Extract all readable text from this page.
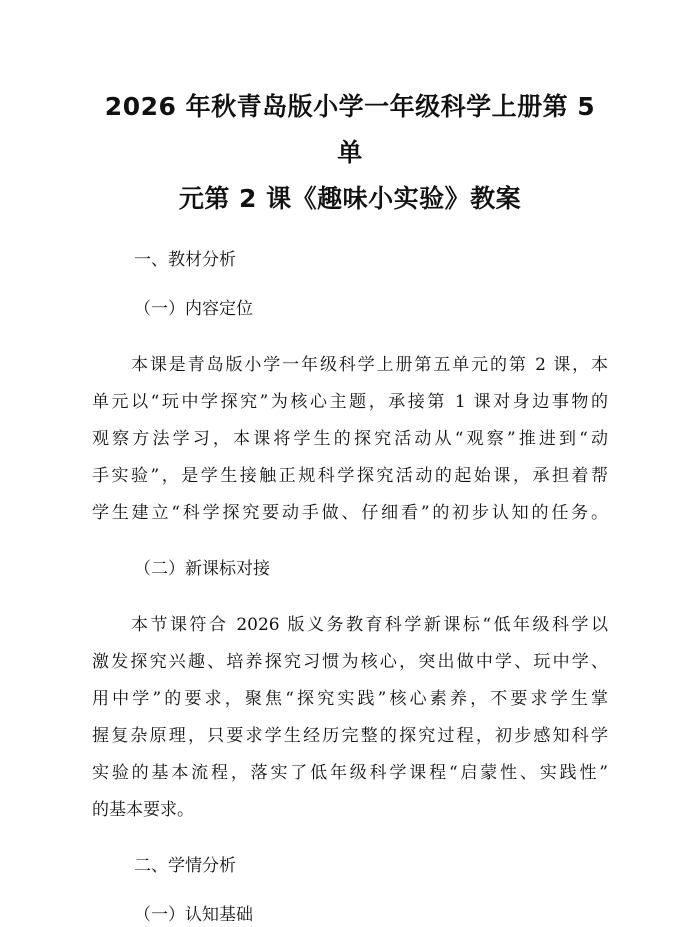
2026 年秋青岛版小学一年级科学上册第 5 单
元第 2 课《趣味小实验》教案

一、教材分析

（一）内容定位

本课是青岛版小学一年级科学上册第五单元的第 2 课，本
单元以“玩中学探究”为核心主题，承接第 1 课对身边事物的
观察方法学习，本课将学生的探究活动从“观察”推进到“动
手实验”，是学生接触正规科学探究活动的起始课，承担着帮
学生建立“科学探究要动手做、仔细看”的初步认知的任务。

（二）新课标对接

本节课符合 2026 版义务教育科学新课标“低年级科学以
激发探究兴趣、培养探究习惯为核心，突出做中学、玩中学、
用中学”的要求，聚焦“探究实践”核心素养，不要求学生掌
握复杂原理，只要求学生经历完整的探究过程，初步感知科学
实验的基本流程，落实了低年级科学课程“启蒙性、实践性”
的基本要求。

二、学情分析

（一）认知基础
